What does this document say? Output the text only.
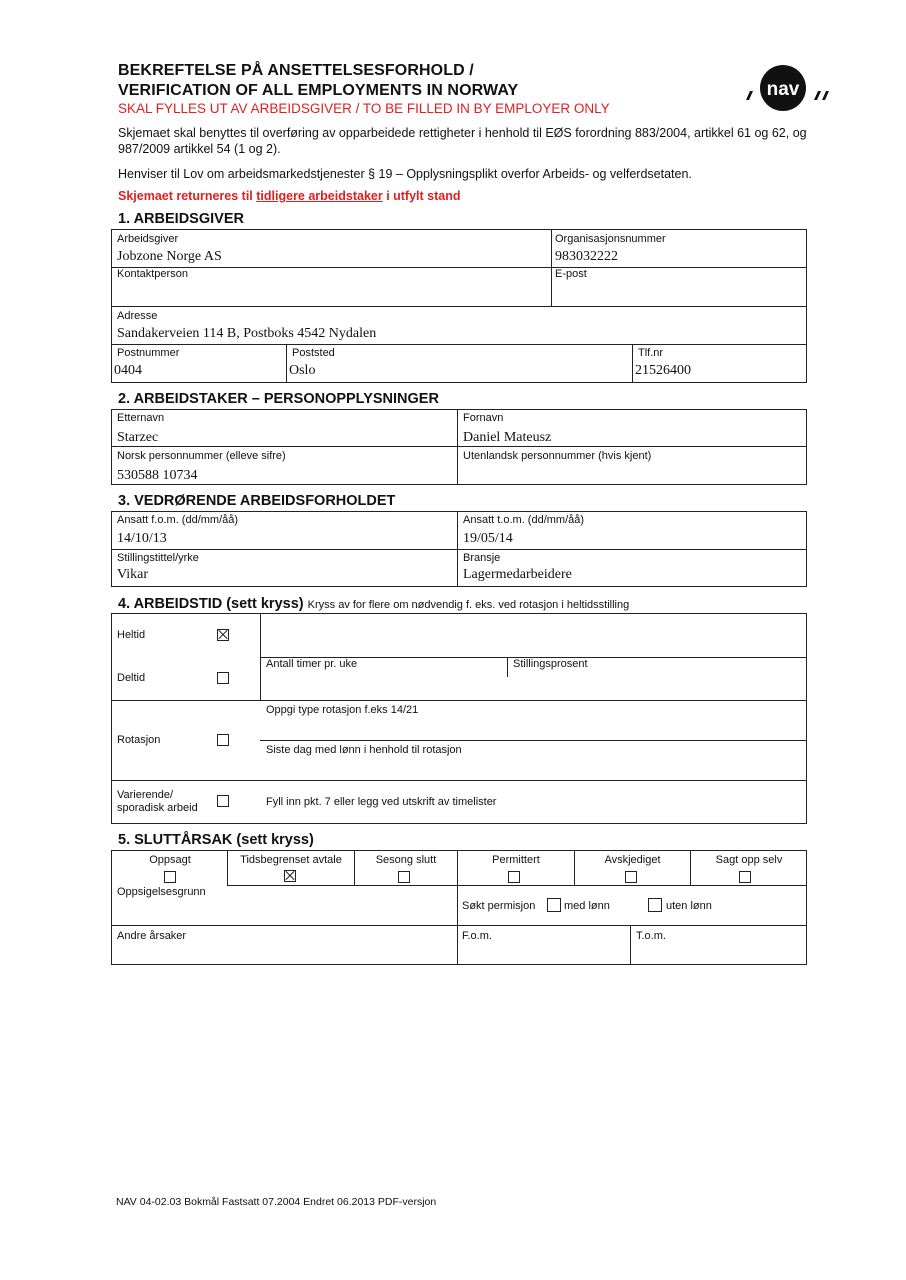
BEKREFTELSE PÅ ANSETTELSESFORHOLD /
VERIFICATION OF ALL EMPLOYMENTS IN NORWAY
SKAL FYLLES UT AV ARBEIDSGIVER / TO BE FILLED IN BY EMPLOYER ONLY
nav
Skjemaet skal benyttes til overføring av opparbeidede rettigheter i henhold til EØS forordning 883/2004, artikkel 61 og 62, og 987/2009 artikkel 54 (1 og 2).
Henviser til Lov om arbeidsmarkedstjenester § 19 – Opplysningsplikt overfor Arbeids- og velferdsetaten.
Skjemaet returneres til tidligere arbeidstaker i utfylt stand
1. ARBEIDSGIVER
Arbeidsgiver
Jobzone Norge AS
Organisasjonsnummer
983032222
Kontaktperson	E-post
Adresse
Sandakerveien 114 B, Postboks 4542 Nydalen
Postnummer
0404
Poststed
Oslo
Tlf.nr
21526400
2. ARBEIDSTAKER – PERSONOPPLYSNINGER
Etternavn
Starzec
Fornavn
Daniel Mateusz
Norsk personnummer (elleve sifre)
530588 10734
Utenlandsk personnummer (hvis kjent)
3. VEDRØRENDE ARBEIDSFORHOLDET
Ansatt f.o.m. (dd/mm/åå)
14/10/13
Ansatt t.o.m. (dd/mm/åå)
19/05/14
Stillingstittel/yrke
Vikar
Bransje
Lagermedarbeidere
4. ARBEIDSTID (sett kryss) Kryss av for flere om nødvendig f. eks. ved rotasjon i heltidsstilling
Heltid
Deltid
Antall timer pr. uke	Stillingsprosent
Oppgi type rotasjon f.eks 14/21
Rotasjon
Siste dag med lønn i henhold til rotasjon
Varierende/
sporadisk arbeid	Fyll inn pkt. 7 eller legg ved utskrift av timelister
5. SLUTTÅRSAK (sett kryss)
Oppsagt	Tidsbegrenset avtale	Sesong slutt	Permittert	Avskjediget	Sagt opp selv
Oppsigelsesgrunn
Søkt permisjon	med lønn	uten lønn
Andre årsaker	F.o.m.	T.o.m.
NAV 04-02.03 Bokmål Fastsatt 07.2004 Endret 06.2013 PDF-versjon
